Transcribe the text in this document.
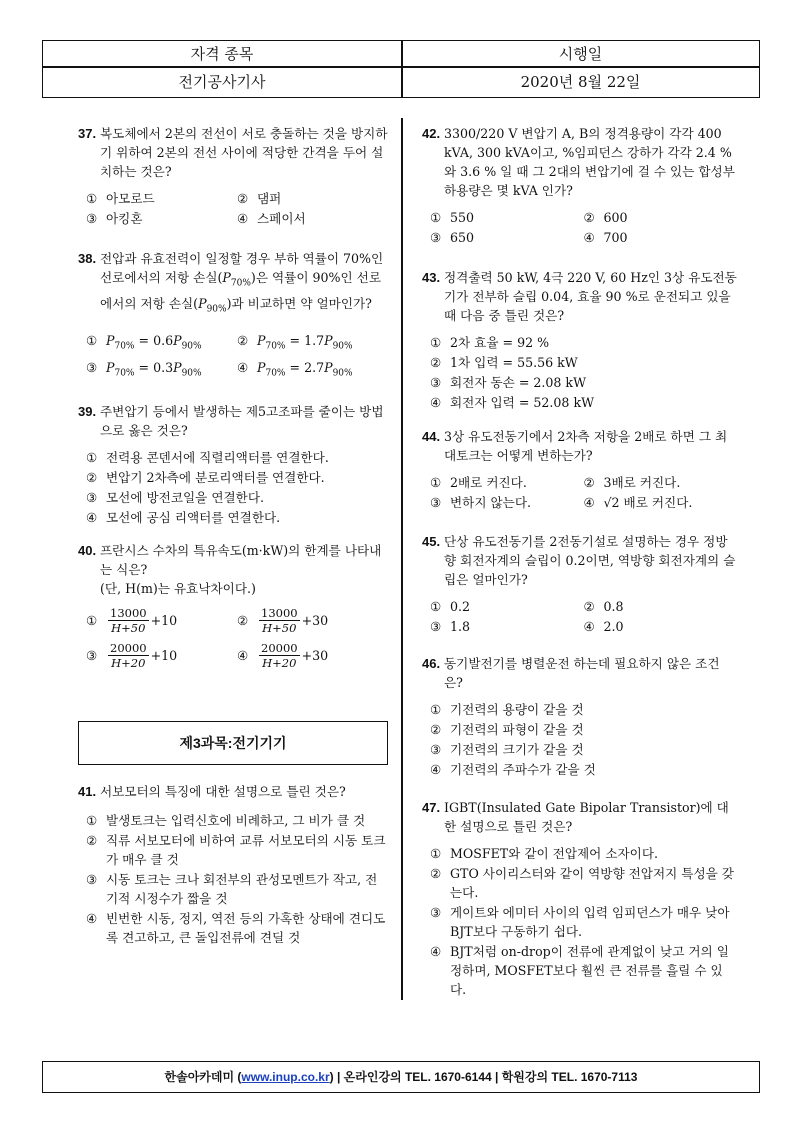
자격 종목	시행일
전기공사기사	2020년 8월 22일
37. 복도체에서 2본의 전선이 서로 충돌하는 것을 방지하기 위하여 2본의 전선 사이에 적당한 간격을 두어 설치하는 것은?
① 아모로드	② 댐퍼
③ 아킹혼	④ 스페이서
38. 전압과 유효전력이 일정할 경우 부하 역률이 70%인 선로에서의 저항 손실$(P_{70\%})$은 역률이 90%인 선로에서의 저항 손실$(P_{90\%})$과 비교하면 약 얼마인가?
① $P_{70\%} = 0.6P_{90\%}$	② $P_{70\%} = 1.7P_{90\%}$
③ $P_{70\%} = 0.3P_{90\%}$	④ $P_{70\%} = 2.7P_{90\%}$
39. 주변압기 등에서 발생하는 제5고조파를 줄이는 방법으로 옳은 것은?
① 전력용 콘덴서에 직렬리액터를 연결한다.
② 변압기 2차측에 분로리액터를 연결한다.
③ 모선에 방전코일을 연결한다.
④ 모선에 공심 리액터를 연결한다.
40. 프란시스 수차의 특유속도(m·kW)의 한계를 나타내는 식은?
(단, H(m)는 유효낙차이다.)
① $\frac{13000}{H+50} +10$	② $\frac{13000}{H+50} +30$
③ $\frac{20000}{H+20} +10$	④ $\frac{20000}{H+20} +30$
제3과목:전기기기
41. 서보모터의 특징에 대한 설명으로 틀린 것은?
① 발생토크는 입력신호에 비례하고, 그 비가 클 것
② 직류 서보모터에 비하여 교류 서보모터의 시동 토크가 매우 클 것
③ 시동 토크는 크나 회전부의 관성모멘트가 작고, 전기적 시정수가 짧을 것
④ 빈번한 시동, 정지, 역전 등의 가혹한 상태에 견디도록 견고하고, 큰 돌입전류에 견딜 것
42. 3300/220 V 변압기 A, B의 정격용량이 각각 400 kVA, 300 kVA이고, %임피던스 강하가 각각 2.4 % 와 3.6 % 일 때 그 2대의 변압기에 걸 수 있는 합성부하용량은 몇 kVA 인가?
① 550	② 600
③ 650	④ 700
43. 정격출력 50 kW, 4극 220 V, 60 Hz인 3상 유도전동기가 전부하 슬립 0.04, 효율 90 %로 운전되고 있을 때 다음 중 틀린 것은?
① 2차 효율 = 92 %
② 1차 입력 = 55.56 kW
③ 회전자 동손 = 2.08 kW
④ 회전자 입력 = 52.08 kW
44. 3상 유도전동기에서 2차측 저항을 2배로 하면 그 최대토크는 어떻게 변하는가?
① 2배로 커진다.	② 3배로 커진다.
③ 변하지 않는다.	④ √2 배로 커진다.
45. 단상 유도전동기를 2전동기설로 설명하는 경우 정방향 회전자계의 슬립이 0.2이면, 역방향 회전자계의 슬립은 얼마인가?
① 0.2	② 0.8
③ 1.8	④ 2.0
46. 동기발전기를 병렬운전 하는데 필요하지 않은 조건은?
① 기전력의 용량이 같을 것
② 기전력의 파형이 같을 것
③ 기전력의 크기가 같을 것
④ 기전력의 주파수가 같을 것
47. IGBT(Insulated Gate Bipolar Transistor)에 대한 설명으로 틀린 것은?
① MOSFET와 같이 전압제어 소자이다.
② GTO 사이리스터와 같이 역방향 전압저지 특성을 갖는다.
③ 게이트와 에미터 사이의 입력 임피던스가 매우 낮아 BJT보다 구동하기 쉽다.
④ BJT처럼 on-drop이 전류에 관계없이 낮고 거의 일정하며, MOSFET보다 훨씬 큰 전류를 흘릴 수 있다.
한솔아카데미 (www.inup.co.kr) | 온라인강의 TEL. 1670-6144 | 학원강의 TEL. 1670-7113
